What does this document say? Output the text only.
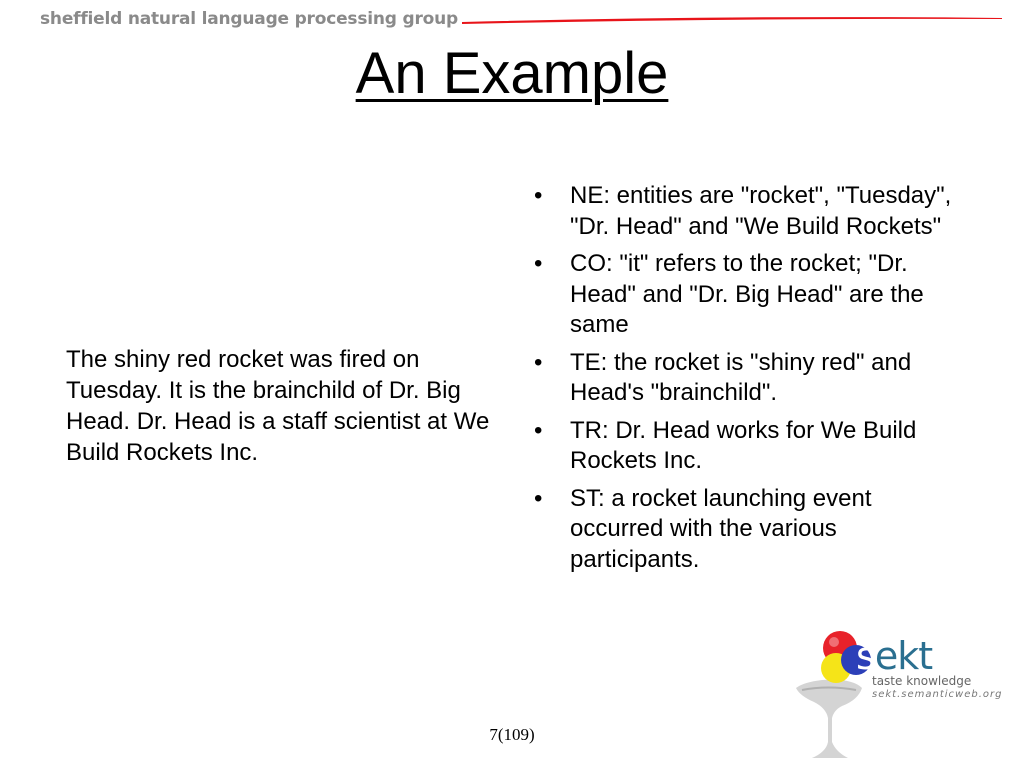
sheffield natural language processing group
An Example
The shiny red rocket was fired on Tuesday. It is the brainchild of Dr. Big Head. Dr. Head is a staff scientist at We Build Rockets Inc.
• NE: entities are "rocket", "Tuesday", "Dr. Head" and "We Build Rockets"
• CO: "it" refers to the rocket; "Dr. Head" and "Dr. Big Head" are the same
• TE: the rocket is "shiny red" and Head's "brainchild".
• TR: Dr. Head works for We Build Rockets Inc.
• ST: a rocket launching event occurred with the various participants.
sekt
taste knowledge
sekt.semanticweb.org
7(109)
